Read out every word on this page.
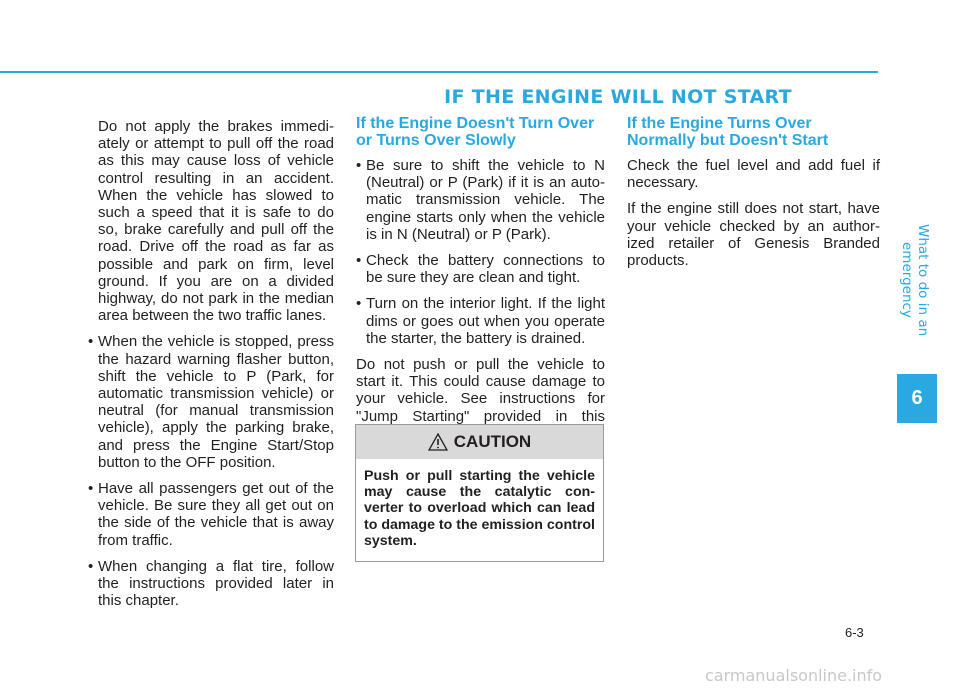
IF THE ENGINE WILL NOT START

Do not apply the brakes immedi-ately or attempt to pull off the road as this may cause loss of vehicle control resulting in an accident. When the vehicle has slowed to such a speed that it is safe to do so, brake carefully and pull off the road. Drive off the road as far as possible and park on firm, level ground. If you are on a divided highway, do not park in the median area between the two traffic lanes.

• When the vehicle is stopped, press the hazard warning flasher button, shift the vehicle to P (Park, for automatic transmission vehicle) or neutral (for manual transmission vehicle), apply the parking brake, and press the Engine Start/Stop button to the OFF position.
• Have all passengers get out of the vehicle. Be sure they all get out on the side of the vehicle that is away from traffic.
• When changing a flat tire, follow the instructions provided later in this chapter.
If the Engine Doesn't Turn Over or Turns Over Slowly
• Be sure to shift the vehicle to N (Neutral) or P (Park) if it is an auto-matic transmission vehicle. The engine starts only when the vehicle is in N (Neutral) or P (Park).
• Check the battery connections to be sure they are clean and tight.
• Turn on the interior light. If the light dims or goes out when you operate the starter, the battery is drained.

Do not push or pull the vehicle to start it. This could cause damage to your vehicle. See instructions for "Jump Starting" provided in this

CAUTION
Push or pull starting the vehicle may cause the catalytic con-verter to overload which can lead to damage to the emission control system.
If the Engine Turns Over Normally but Doesn't Start

Check the fuel level and add fuel if necessary.

If the engine still does not start, have your vehicle checked by an author-ized retailer of Genesis Branded products.	What to do in an emergency
6
6-3
carmanualsonline.info
